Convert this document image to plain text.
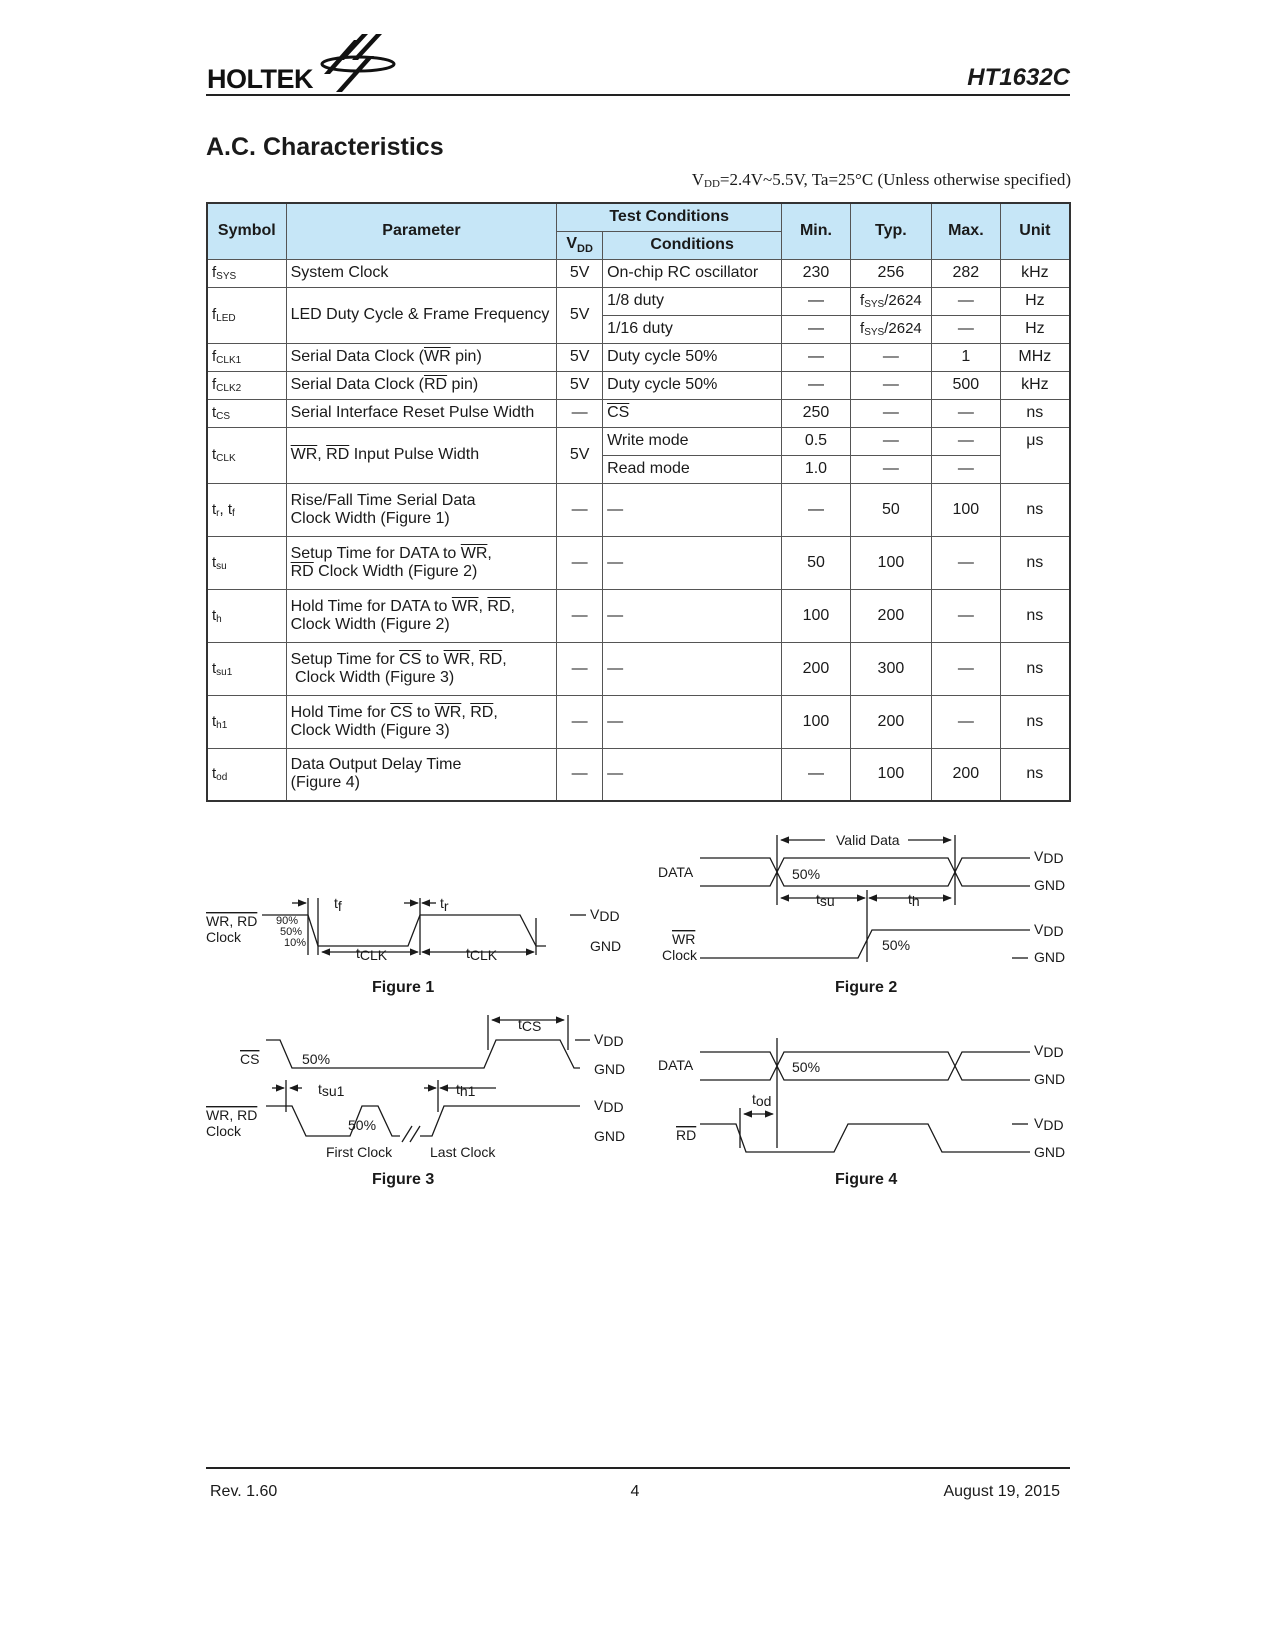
HOLTEK	HT1632C
A.C. Characteristics
$V_{DD}=2.4V\sim 5.5V$, Ta=25°C (Unless otherwise specified)
Symbol	Parameter	Test Conditions		Min.	Typ.	Max.	Unit
		$V_{DD}$	Conditions				
$f_{SYS}$	System Clock	5V	On-chip RC oscillator	230	256	282	kHz
$f_{LED}$	LED Duty Cycle & Frame Frequency	5V	1/8 duty	—	$f_{SYS}/2624$	—	Hz
			1/16 duty	—	$f_{SYS}/2624$	—	Hz
$f_{CLK1}$	Serial Data Clock ($\overline{WR}$ pin)	5V	Duty cycle 50%	—	—	1	MHz
$f_{CLK2}$	Serial Data Clock ($\overline{RD}$ pin)	5V	Duty cycle 50%	—	—	500	kHz
$t_{CS}$	Serial Interface Reset Pulse Width	—	$\overline{CS}$	250	—	—	ns
$t_{CLK}$	$\overline{WR}$, $\overline{RD}$ Input Pulse Width	5V	Write mode	0.5	—	—	μs
			Read mode	1.0	—	—	
$t_r$, $t_f$	Rise/Fall Time Serial Data
Clock Width (Figure 1)	—	—	—	50	100	ns
$t_{su}$	Setup Time for DATA to $\overline{WR}$,
$\overline{RD}$ Clock Width (Figure 2)	—	—	50	100	—	ns
$t_h$	Hold Time for DATA to $\overline{WR}$, $\overline{RD}$,
Clock Width (Figure 2)	—	—	100	200	—	ns
$t_{su1}$	Setup Time for $\overline{CS}$ to $\overline{WR}$, $\overline{RD}$,
Clock Width (Figure 3)	—	—	200	300	—	ns
$t_{h1}$	Hold Time for $\overline{CS}$ to $\overline{WR}$, $\overline{RD}$,
Clock Width (Figure 3)	—	—	100	200	—	ns
$t_{od}$	Data Output Delay Time
(Figure 4)	—	—	—	100	200	ns
WR, RD
Clock
90%
50%
10%
tf	tr
tCLK	tCLK
VDD
GND
Figure 1
Valid Data
DATA	50%
tsu	th
VDD
GND
WR
Clock
50%
VDD
GND
Figure 2
tCS
CS	50%
VDD
GND
tsu1	th1
WR, RD
Clock	50%
First Clock	Last Clock
VDD
GND
Figure 3
DATA	50%
VDD
GND
tod
RD
VDD
GND
Figure 4
Rev. 1.60	4	August 19, 2015
